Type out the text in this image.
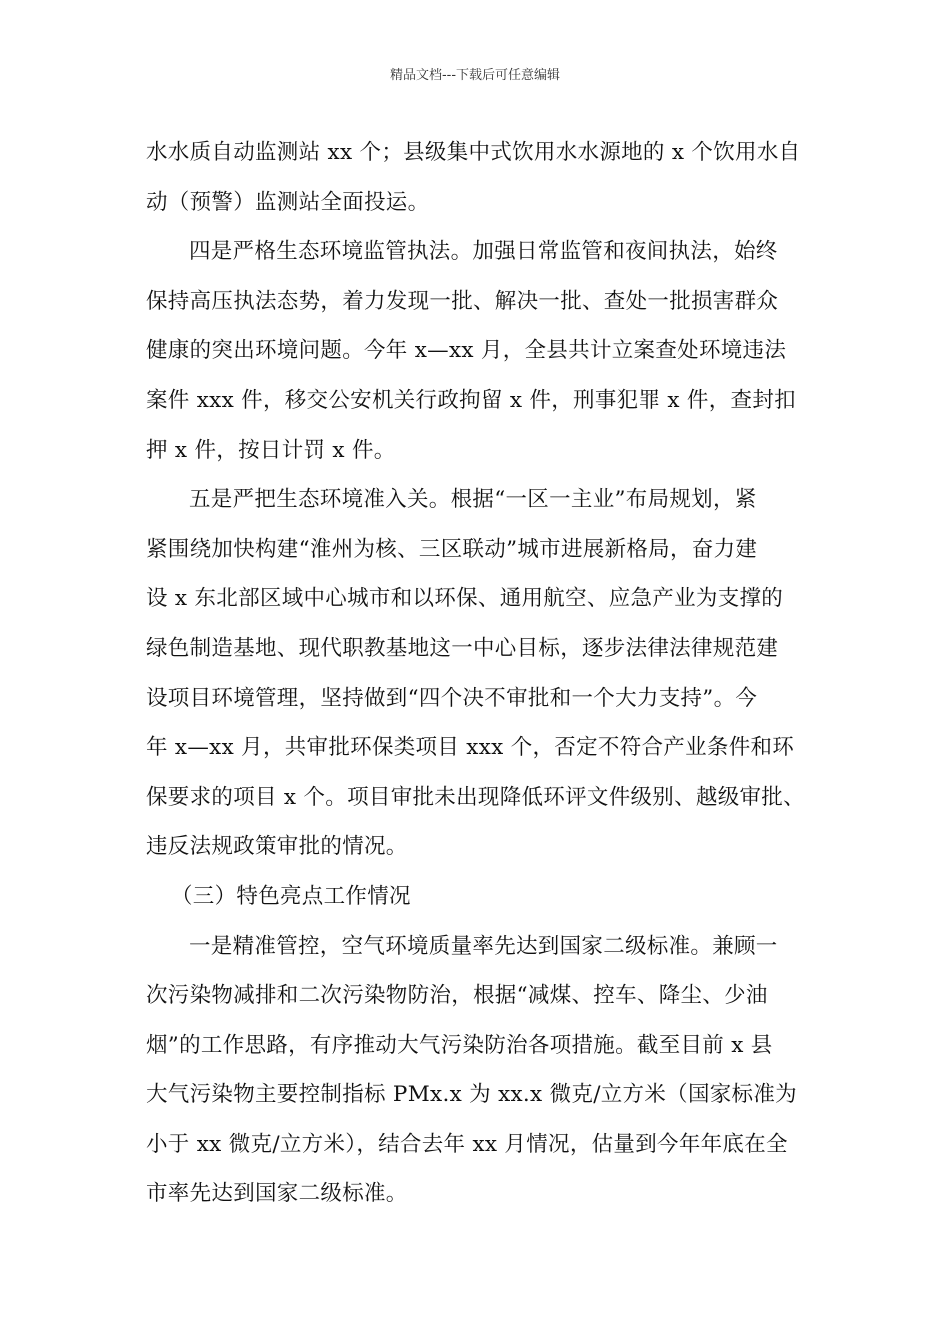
精品文档---下载后可任意编辑
水水质自动监测站 xx 个；县级集中式饮用水水源地的 x 个饮用水自
动（预警）监测站全面投运。
四是严格生态环境监管执法。加强日常监管和夜间执法，始终
保持高压执法态势，着力发现一批、解决一批、查处一批损害群众
健康的突出环境问题。今年 x—xx 月，全县共计立案查处环境违法
案件 xxx 件，移交公安机关行政拘留 x 件，刑事犯罪 x 件，查封扣
押 x 件，按日计罚 x 件。
五是严把生态环境准入关。根据“一区一主业”布局规划，紧
紧围绕加快构建“淮州为核、三区联动”城市进展新格局，奋力建
设 x 东北部区域中心城市和以环保、通用航空、应急产业为支撑的
绿色制造基地、现代职教基地这一中心目标，逐步法律法律规范建
设项目环境管理，坚持做到“四个决不审批和一个大力支持”。今
年 x—xx 月，共审批环保类项目 xxx 个，否定不符合产业条件和环
保要求的项目 x 个。项目审批未出现降低环评文件级别、越级审批、
违反法规政策审批的情况。
（三）特色亮点工作情况
一是精准管控，空气环境质量率先达到国家二级标准。兼顾一
次污染物减排和二次污染物防治，根据“减煤、控车、降尘、少油
烟”的工作思路，有序推动大气污染防治各项措施。截至目前 x 县
大气污染物主要控制指标 PMx.x 为 xx.x 微克/立方米（国家标准为
小于 xx 微克/立方米），结合去年 xx 月情况，估量到今年年底在全
市率先达到国家二级标准。
